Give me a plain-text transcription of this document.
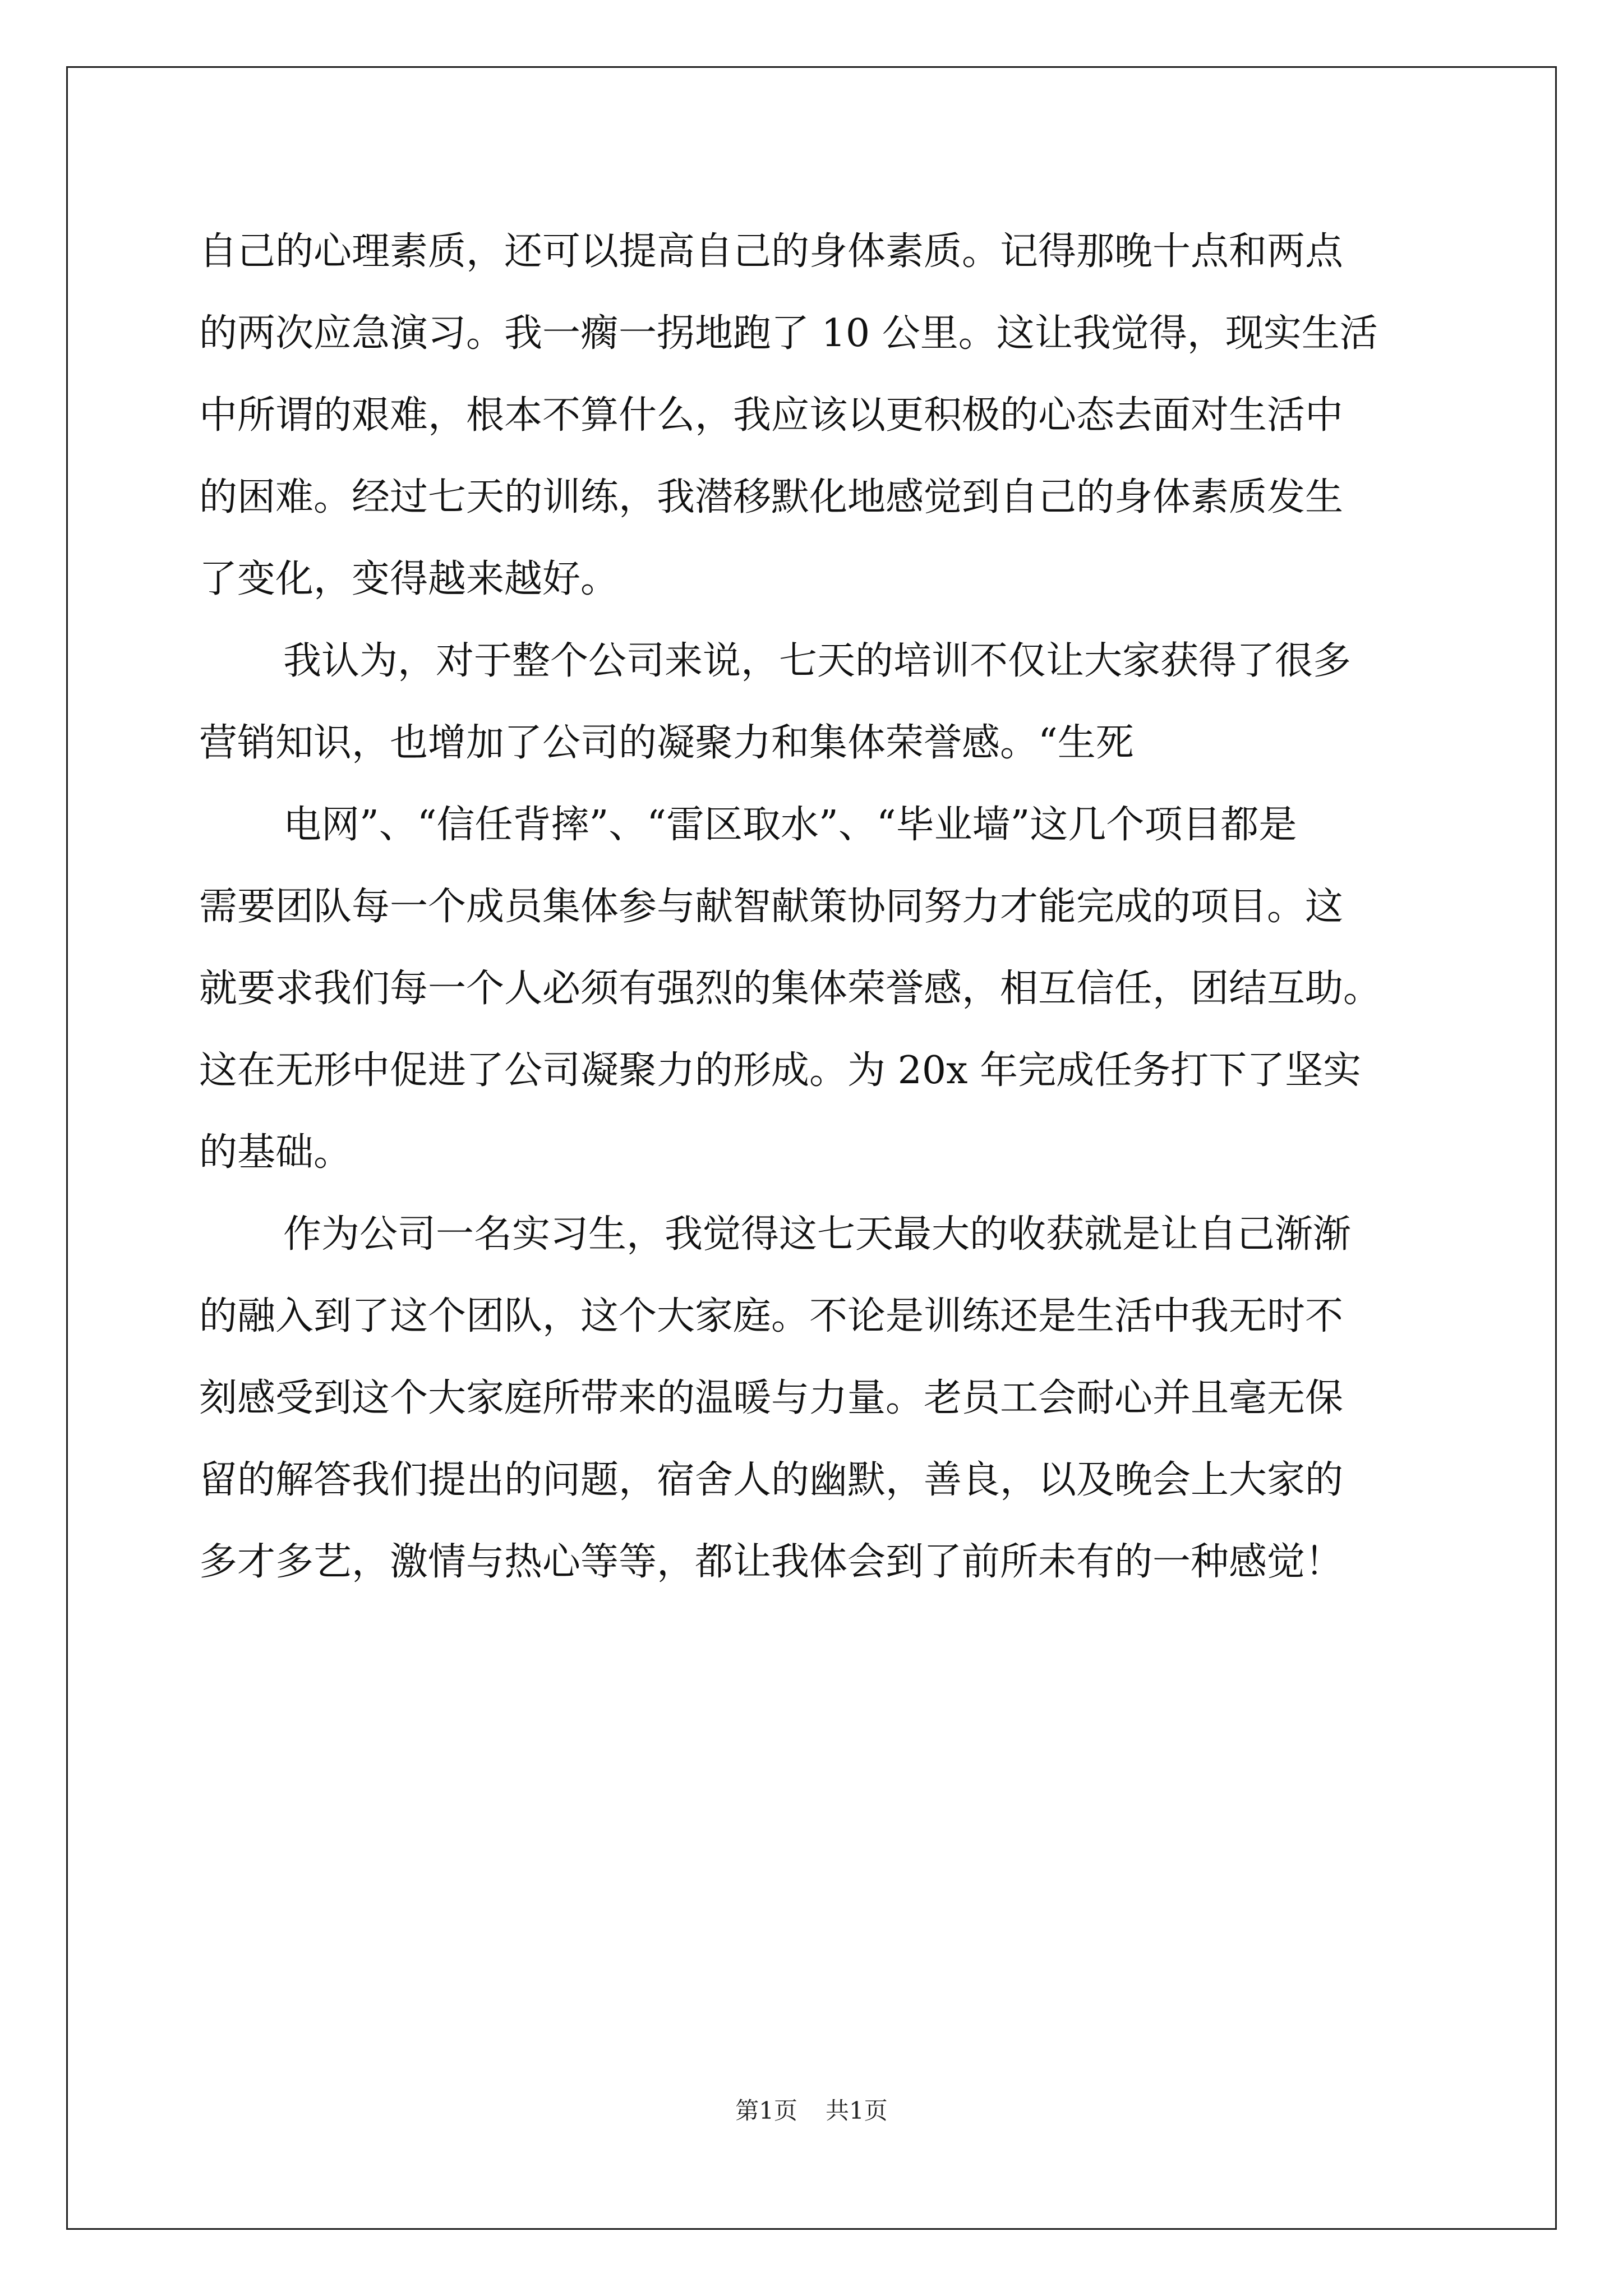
自己的心理素质，还可以提高自己的身体素质。记得那晚十点和两点
的两次应急演习。我一瘸一拐地跑了 10 公里。这让我觉得，现实生活
中所谓的艰难，根本不算什么，我应该以更积极的心态去面对生活中
的困难。经过七天的训练，我潜移默化地感觉到自己的身体素质发生
了变化，变得越来越好。
我认为，对于整个公司来说，七天的培训不仅让大家获得了很多
营销知识，也增加了公司的凝聚力和集体荣誉感。“生死
电网”、“信任背摔”、“雷区取水”、“毕业墙”这几个项目都是
需要团队每一个成员集体参与献智献策协同努力才能完成的项目。这
就要求我们每一个人必须有强烈的集体荣誉感，相互信任，团结互助。
这在无形中促进了公司凝聚力的形成。为 20x 年完成任务打下了坚实
的基础。
作为公司一名实习生，我觉得这七天最大的收获就是让自己渐渐
的融入到了这个团队，这个大家庭。不论是训练还是生活中我无时不
刻感受到这个大家庭所带来的温暖与力量。老员工会耐心并且毫无保
留的解答我们提出的问题，宿舍人的幽默，善良，以及晚会上大家的
多才多艺，激情与热心等等，都让我体会到了前所未有的一种感觉！
第1页 共1页
